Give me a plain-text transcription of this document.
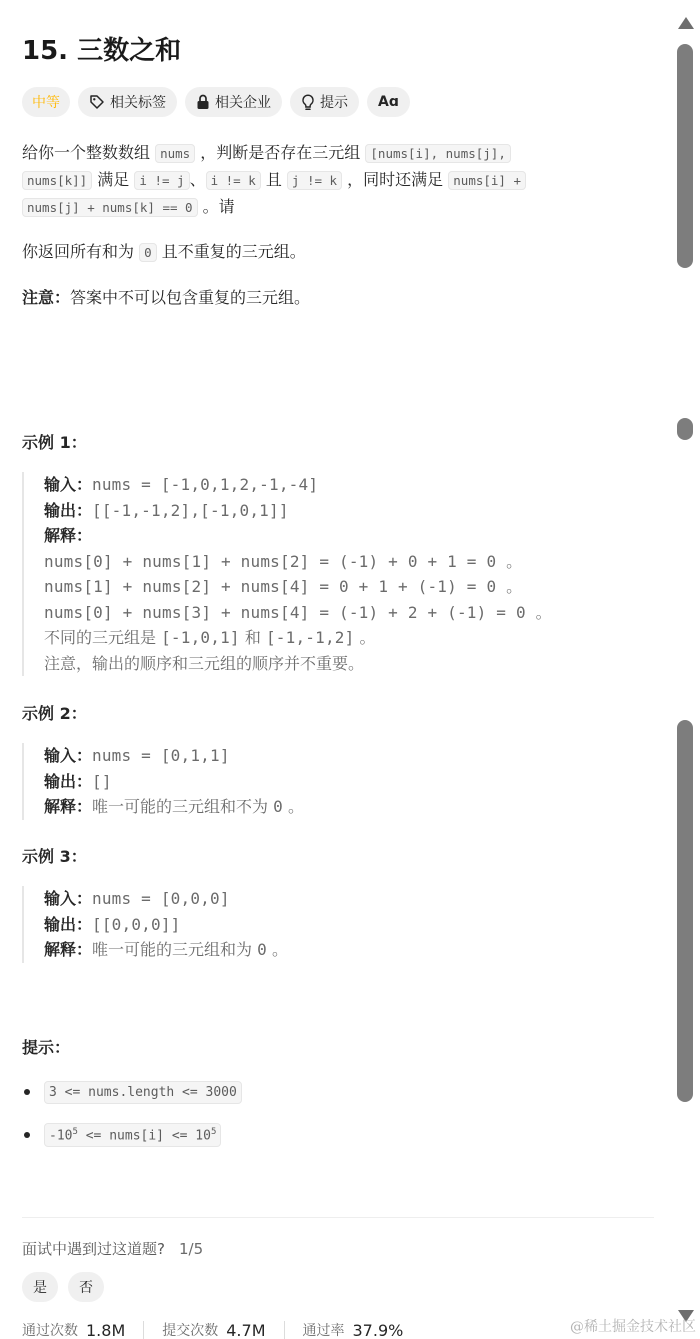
15. 三数之和
中等	相关标签	相关企业	提示 Aɑ
给你一个整数数组 nums ，判断是否存在三元组 [nums[i], nums[j],
nums[k]] 满足 i != j 、 i != k 且 j != k ，同时还满足 nums[i] +
nums[j] + nums[k] == 0 。请
你返回所有和为 0 且不重复的三元组。
注意：答案中不可以包含重复的三元组。
示例 1：
输入：nums = [-1,0,1,2,-1,-4]
输出：[[-1,-1,2],[-1,0,1]]
解释：
nums[0] + nums[1] + nums[2] = (-1) + 0 + 1 = 0 。
nums[1] + nums[2] + nums[4] = 0 + 1 + (-1) = 0 。
nums[0] + nums[3] + nums[4] = (-1) + 2 + (-1) = 0 。
不同的三元组是 [-1,0,1] 和 [-1,-1,2] 。
注意，输出的顺序和三元组的顺序并不重要。
示例 2：
输入：nums = [0,1,1]
输出：[]
解释：唯一可能的三元组和不为 0 。
示例 3：
输入：nums = [0,0,0]
输出：[[0,0,0]]
解释：唯一可能的三元组和为 0 。
提示：
3 <= nums.length <= 3000
$-10^5$ <= nums[i] <= $10^5$
面试中遇到过这道题? 1/5
是	否
通过次数 1.8M	提交次数 4.7M	通过率 37.9%	@稀土掘金技术社区
